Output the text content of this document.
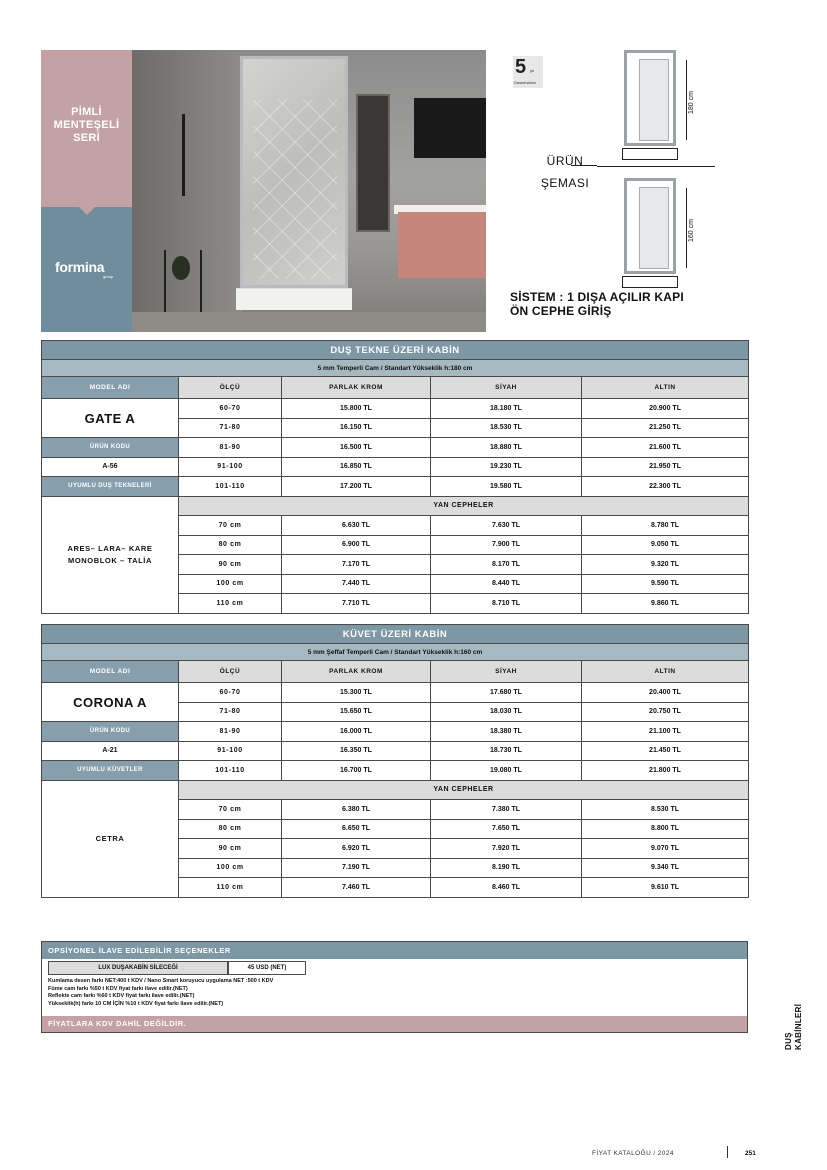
PİMLİ
MENTEŞELİ
SERİ
formina
group
5 yıl
Garanti süresi
ÜRÜN
ŞEMASI
180 cm
160 cm
SİSTEM : 1 DIŞA AÇILIR KAPI
ÖN CEPHE GİRİŞ
DUŞ TEKNE ÜZERİ KABİN				
5 mm Temperli Cam / Standart Yükseklik h:180 cm				
MODEL ADI	ÖLÇÜ	PARLAK KROM	SİYAH	ALTIN
GATE A	60-70	15.800 TL	18.180 TL	20.900 TL
	71-80	16.150 TL	18.530 TL	21.250 TL
ÜRÜN KODU	81-90	16.500 TL	18.880 TL	21.600 TL
A-56	91-100	16.850 TL	19.230 TL	21.950 TL
UYUMLU DUŞ TEKNELERİ	101-110	17.200 TL	19.580 TL	22.300 TL

ARES– LARA– KARE
MONOBLOK – TALİA	YAN CEPHELER			
	70 cm	6.630 TL	7.630 TL	8.780 TL
	80 cm	6.900 TL	7.900 TL	9.050 TL
	90 cm	7.170 TL	8.170 TL	9.320 TL
	100 cm	7.440 TL	8.440 TL	9.590 TL
	110 cm	7.710 TL	8.710 TL	9.860 TL
KÜVET ÜZERİ KABİN				
5 mm Şeffaf Temperli Cam / Standart Yükseklik h:160 cm				
MODEL ADI	ÖLÇÜ	PARLAK KROM	SİYAH	ALTIN
CORONA A	60-70	15.300 TL	17.680 TL	20.400 TL
	71-80	15.650 TL	18.030 TL	20.750 TL
ÜRÜN KODU	81-90	16.000 TL	18.380 TL	21.100 TL
A-21	91-100	16.350 TL	18.730 TL	21.450 TL
UYUMLU KÜVETLER	101-110	16.700 TL	19.080 TL	21.800 TL

CETRA	YAN CEPHELER			
	70 cm	6.380 TL	7.380 TL	8.530 TL
	80 cm	6.650 TL	7.650 TL	8.800 TL
	90 cm	6.920 TL	7.920 TL	9.070 TL
	100 cm	7.190 TL	8.190 TL	9.340 TL
	110 cm	7.460 TL	8.460 TL	9.610 TL
OPSİYONEL İLAVE EDİLEBİLİR SEÇENEKLER
LUX DUŞAKABİN SİLECEĞİ	45 USD (NET)
Kumlama desen farkı NET:400 t KDV / Nano Smart koruyucu uygulama NET :500 t KDV
Füme cam farkı %50 t KDV fiyat farkı ilave edilir.(NET)
Reflekte cam farkı %60 t KDV fiyat farkı ilave edilir.(NET)
Yükseklik(h) farkı 10 CM İÇİN %10 t KDV fiyat farkı ilave edilir.(NET)
FİYATLARA KDV DAHİL DEĞİLDİR.
DUŞ KABİNLERİ
FİYAT KATALOĞU / 2024	251
